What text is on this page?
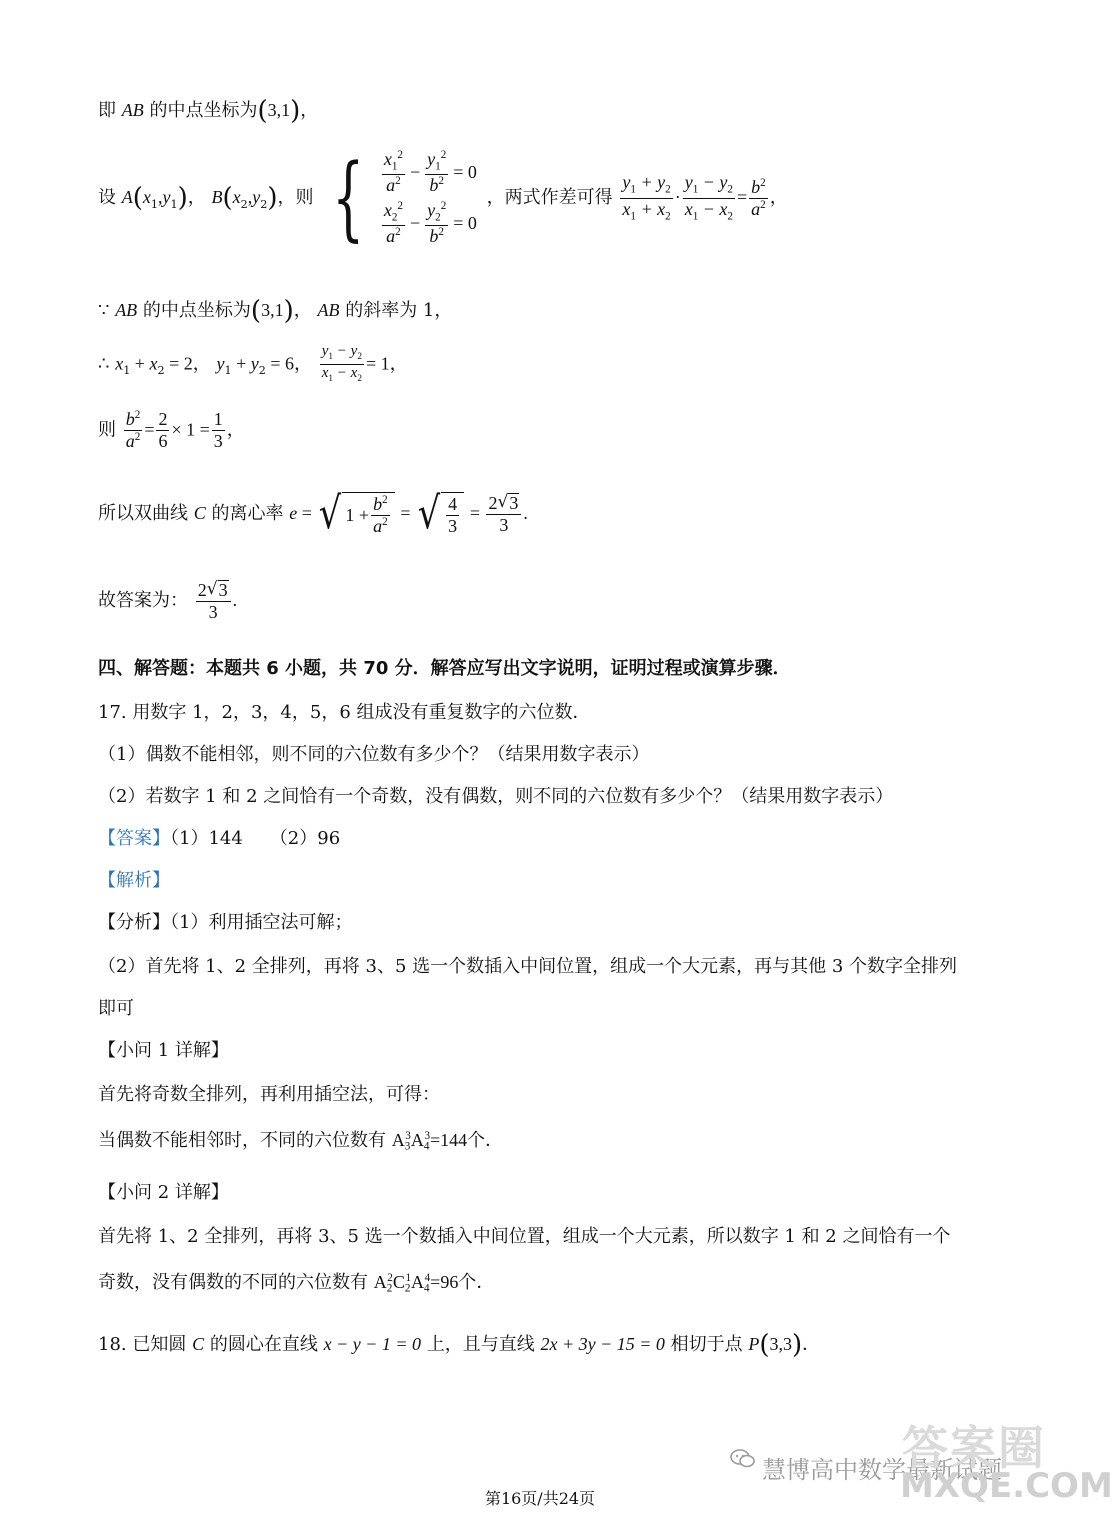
即 AB 的中点坐标为(3,1)，
设 $A(x_1,y_1)$， $B(x_2,y_2)$，则 { $\frac{x_1^2}{a^2} - \frac{y_1^2}{b^2} = 0$
$\frac{x_2^2}{a^2} - \frac{y_2^2}{b^2} = 0$
，两式作差可得 $\frac{y_1 + y_2}{x_1 + x_2} \cdot \frac{y_1 - y_2}{x_1 - x_2} = \frac{b^2}{a^2}$ ，
∵ AB 的中点坐标为(3,1)， AB 的斜率为 1，
∴ $x_1 + x_2 = 2$， $y_1 + y_2 = 6$， $\frac{y_1 - y_2}{x_1 - x_2} = 1$，
则 $\frac{b^2}{a^2} = \frac{2}{6} \times 1 = \frac{1}{3}$ ，
所以双曲线 C 的离心率 e = √ $1 + \frac{b^2}{a^2}$ = √ $\frac{4}{3} = \frac{2 √ 3}{3}$ .
故答案为： $\frac{2 √ 3}{3}$ .
四、解答题：本题共 6 小题，共 70 分．解答应写出文字说明，证明过程或演算步骤．
17. 用数字 1，2，3，4，5，6 组成没有重复数字的六位数．
（1）偶数不能相邻，则不同的六位数有多少个？（结果用数字表示）
（2）若数字 1 和 2 之间恰有一个奇数，没有偶数，则不同的六位数有多少个？（结果用数字表示）
【答案】（1）144　　（2）96
【解析】
【分析】（1）利用插空法可解；
（2）首先将 1、2 全排列，再将 3、5 选一个数插入中间位置，组成一个大元素，再与其他 3 个数字全排列
即可
【小问 1 详解】
首先将奇数全排列，再利用插空法，可得：
当偶数不能相邻时，不同的六位数有 $A_3^3A_4^3=144$个．
【小问 2 详解】
首先将 1、2 全排列，再将 3、5 选一个数插入中间位置，组成一个大元素，所以数字 1 和 2 之间恰有一个
奇数，没有偶数的不同的六位数有 $A_2^2C_2^1A_4^4=96$个．
18. 已知圆 C 的圆心在直线 x − y − 1 = 0 上，且与直线 2x + 3y − 15 = 0 相切于点 P(3,3)．
慧博高中数学最新试题
答案圈
MXQE.COM
第16页/共24页
